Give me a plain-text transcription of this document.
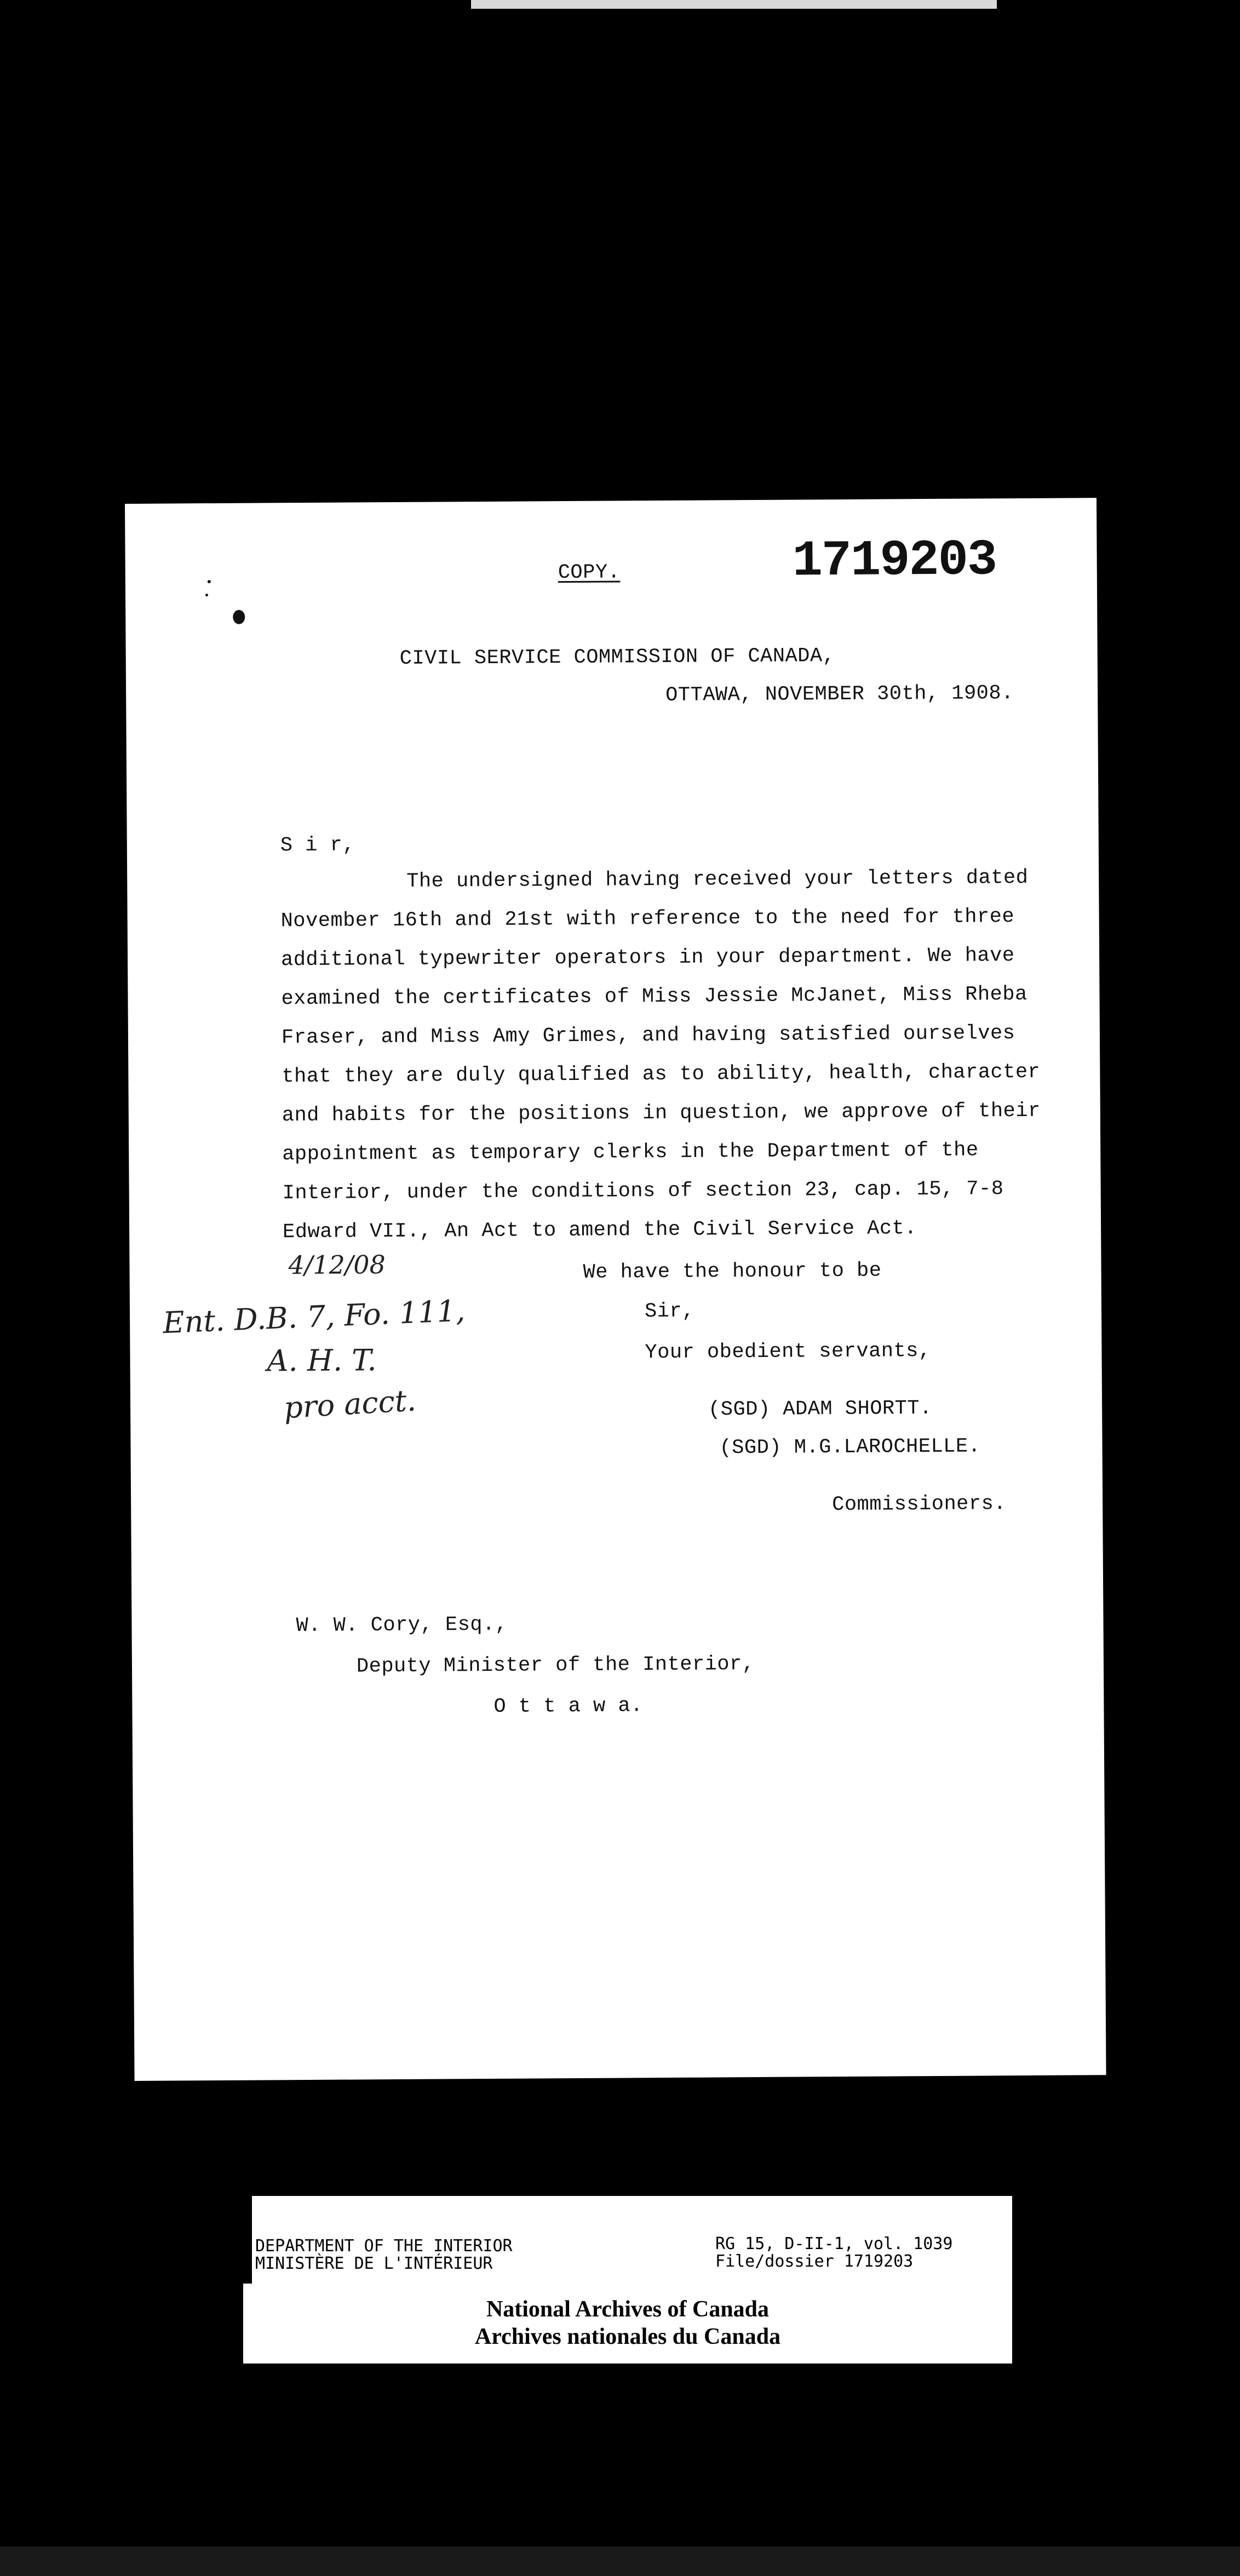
COPY.	1719203
CIVIL SERVICE COMMISSION OF CANADA,
OTTAWA, NOVEMBER 30th, 1908.
S i r,
The undersigned having received your letters dated
November 16th and 21st with reference to the need for three
additional typewriter operators in your department. We have
examined the certificates of Miss Jessie McJanet, Miss Rheba
Fraser, and Miss Amy Grimes, and having satisfied ourselves
that they are duly qualified as to ability, health, character
and habits for the positions in question, we approve of their
appointment as temporary clerks in the Department of the
Interior, under the conditions of section 23, cap. 15, 7-8
Edward VII., An Act to amend the Civil Service Act.
We have the honour to be
Sir,
Your obedient servants,
(SGD) ADAM SHORTT.
(SGD) M.G.LAROCHELLE.
Commissioners.
4/12/08
Ent. D.B. 7, Fo. 111,
A. H. T.
pro acct.
W. W. Cory, Esq.,
Deputy Minister of the Interior,
O t t a w a.
DEPARTMENT OF THE INTERIOR
MINISTÈRE DE L'INTÉRIEUR
RG 15, D-II-1, vol. 1039
File/dossier 1719203
National Archives of Canada
Archives nationales du Canada
